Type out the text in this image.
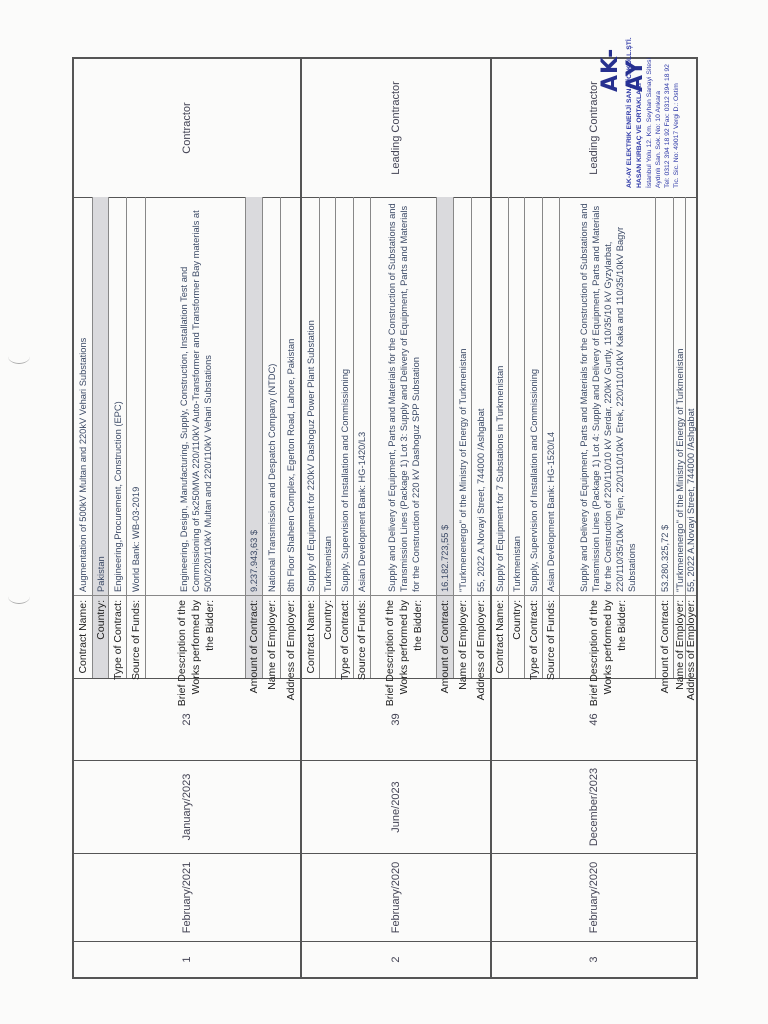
1
February/2021
January/2023
23
Contract Name:
Augmentation of 500kV Multan and 220kV Vehari Substations
Country:
Pakistan
Type of Contract:
Engineering,Procurement, Construction (EPC)
Source of Funds:
World Bank: WB-03-2019
Brief Description of the Works performed by the Bidder:
Engineering, Design, Manufacturing, Supply, Construction, Installation Test and Commissioning of 5x250MVA 220/110kV Auto-Transformer and Transformer Bay materials at 500/220/110kV Multan and 220/110kV Vehari Substations
Amount of Contract:
9.237.943,63 $
Name of Employer:
National Transmission and Despatch Company (NTDC)
Address of Employer:
8th Floor Shaheen Complex, Egerton Road, Lahore, Pakistan
Contractor
2
February/2020
June/2023
39
Contract Name:
Supply of Equipment for 220kV Dashoguz Power Plant Substation
Country:
Turkmenistan
Type of Contract:
Supply, Supervision of Installation and Commissioning
Source of Funds:
Asian Development Bank: HG-1420/L3
Brief Description of the Works performed by the Bidder:
Supply and Delivery of Equipment, Parts and Materials for the Construction of Substations and Transmission Lines (Package 1) Lot 3: Supply and Delivery of Equipment, Parts and Materials for the Construction of 220 kV Dashoguz SPP Substation
Amount of Contract:
16.182.723,55 $
Name of Employer:
"Turkmenenergo" of the Ministry of Energy of Turkmenistan
Address of Employer:
55, 2022 A.Novayi Street, 744000 /Ashgabat
Leading Contractor
3
February/2020
December/2023
46
Contract Name:
Supply of Equipment for 7 Substations in Turkmenistan
Country:
Turkmenistan
Type of Contract:
Supply, Supervision of Installation and Commissioning
Source of Funds:
Asian Development Bank: HG-1520/L4
Brief Description of the Works performed by the Bidder:
Supply and Delivery of Equipment, Parts and Materials for the Construction of Substations and Transmission Lines (Package 1) Lot 4: Supply and Delivery of Equipment, Parts and Materials for the Construction of 220/110/10 kV Serdar, 220kV Gurtly, 110/35/10 kV Gyzylarbat, 220/110/35/10kV Tejen, 220/110/10kV Etrek, 220/110/10kV Kaka and 110/35/10kV Bagyr Substations
Amount of Contract:
53.280.325,72 $
Name of Employer:
"Turkmenenergo" of the Ministry of Energy of Turkmenistan
Address of Employer:
55, 2022 A.Novayi Street, 744000 /Ashgabat
Leading Contractor
AK-AY
AK-AY ELEKTRIK ENERJİ SAN. TİC. KOLL.ŞTİ. HASAN KIRBAÇ VE ORTAKLARI İstanbul Yolu 12. Km. Seyhan Sanayi Sitesi Aydınlı San. Sok. No: 10 Ankara Tel: 0312 394 18 92 Fax: 0312 394 18 92 Tic. Sic. No: 49017 Vergi D.: Ostim
